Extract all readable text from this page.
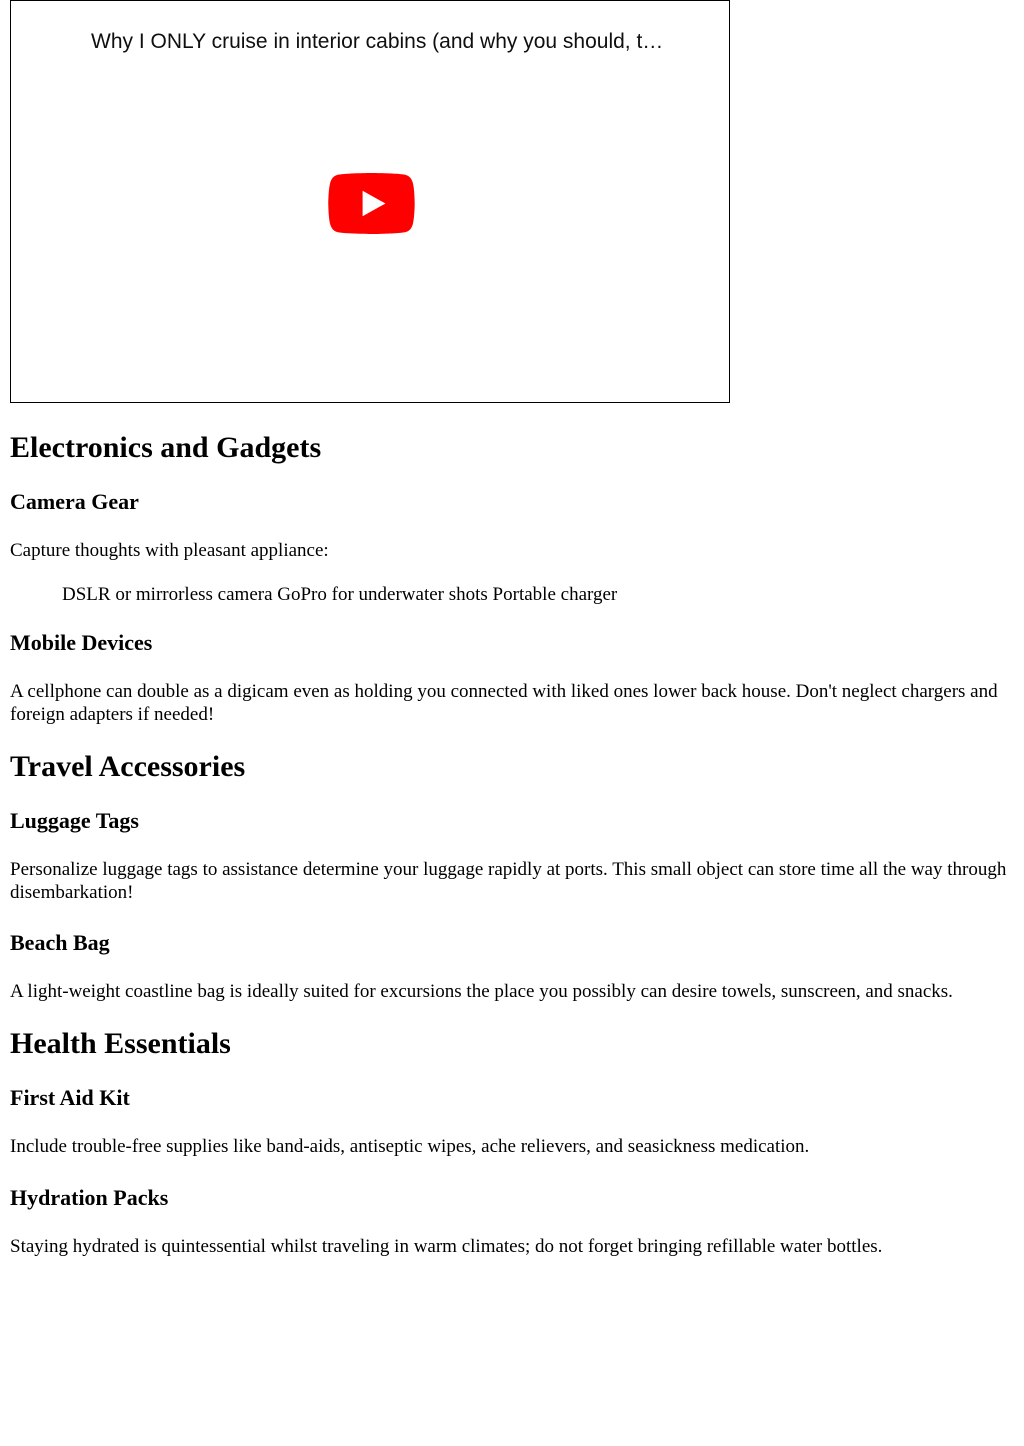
Why I ONLY cruise in interior cabins (and why you should, t…
Electronics and Gadgets
Camera Gear

Capture thoughts with pleasant appliance:

DSLR or mirrorless camera GoPro for underwater shots Portable charger

Mobile Devices

A cellphone can double as a digicam even as holding you connected with liked ones lower back house. Don't neglect chargers and foreign adapters if needed!

Travel Accessories
Luggage Tags

Personalize luggage tags to assistance determine your luggage rapidly at ports. This small object can store time all the way through disembarkation!

Beach Bag

A light-weight coastline bag is ideally suited for excursions the place you possibly can desire towels, sunscreen, and snacks.

Health Essentials
First Aid Kit

Include trouble-free supplies like band-aids, antiseptic wipes, ache relievers, and seasickness medication.

Hydration Packs

Staying hydrated is quintessential whilst traveling in warm climates; do not forget bringing refillable water bottles.
